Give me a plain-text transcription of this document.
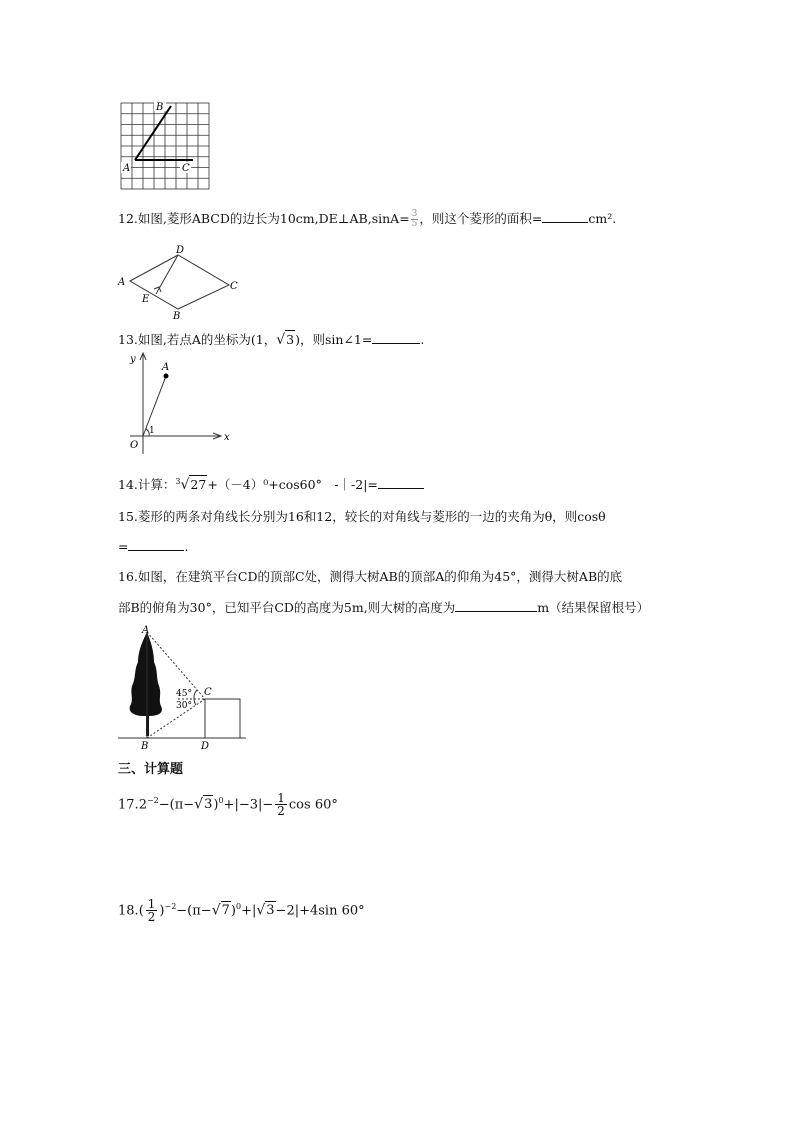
B
A	C
12.如图,菱形ABCD的边长为10cm,DE⊥AB,sinA= $\frac{3}{5}$ ，则这个菱形的面积=	cm².
A
D
C
E
B
13.如图,若点A的坐标为(1，√3)，则sin∠1=	.
y
A
1
O
x
14.计算：$^3$√27+（－4）⁰+cos60°　-｜-2|=
15.菱形的两条对角线长分别为16和12，较长的对角线与菱形的一边的夹角为θ，则cosθ
=	.
16.如图，在建筑平台CD的顶部C处，测得大树AB的顶部A的仰角为45°，测得大树AB的底
部B的俯角为30°，已知平台CD的高度为5m,则大树的高度为	m（结果保留根号）
A
C
45°
30°
B	D
三、计算题
$17.2^{-2}-(\pi-√3)^0+|-3|- \frac{1}{2}$ cos 60°
$18.( \frac{1}{2} )^{-2}-(\pi-√7)^0+|√3-2|+4\sin$ 60°
